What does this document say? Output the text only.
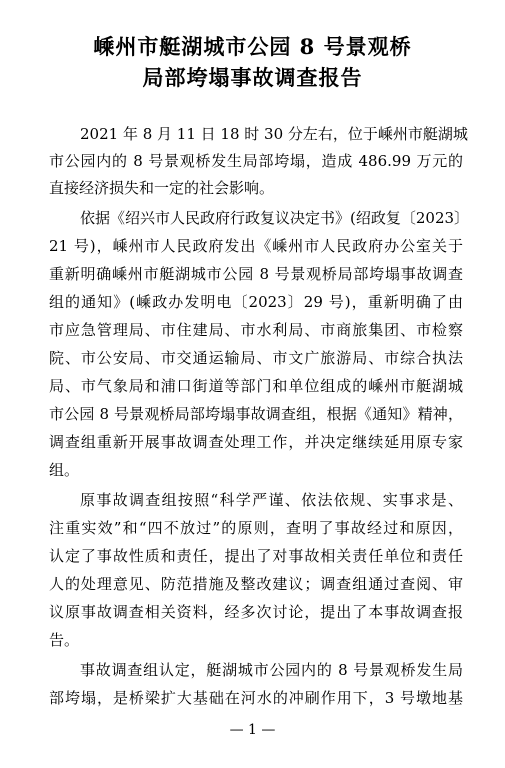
嵊州市艇湖城市公园 8 号景观桥
局部垮塌事故调查报告
2021 年 8 月 11 日 18 时 30 分左右，位于嵊州市艇湖城
市公园内的 8 号景观桥发生局部垮塌，造成 486.99 万元的
直接经济损失和一定的社会影响。
依据《绍兴市人民政府行政复议决定书》(绍政复〔2023〕
21 号)，嵊州市人民政府发出《嵊州市人民政府办公室关于
重新明确嵊州市艇湖城市公园 8 号景观桥局部垮塌事故调查
组的通知》(嵊政办发明电〔2023〕29 号)，重新明确了由
市应急管理局、市住建局、市水利局、市商旅集团、市检察
院、市公安局、市交通运输局、市文广旅游局、市综合执法
局、市气象局和浦口街道等部门和单位组成的嵊州市艇湖城
市公园 8 号景观桥局部垮塌事故调查组，根据《通知》精神，
调查组重新开展事故调查处理工作，并决定继续延用原专家
组。
原事故调查组按照“科学严谨、依法依规、实事求是、
注重实效”和“四不放过”的原则，查明了事故经过和原因，
认定了事故性质和责任，提出了对事故相关责任单位和责任
人的处理意见、防范措施及整改建议；调查组通过查阅、审
议原事故调查相关资料，经多次讨论，提出了本事故调查报
告。
事故调查组认定，艇湖城市公园内的 8 号景观桥发生局
部垮塌，是桥梁扩大基础在河水的冲刷作用下，3 号墩地基
— 1 —
